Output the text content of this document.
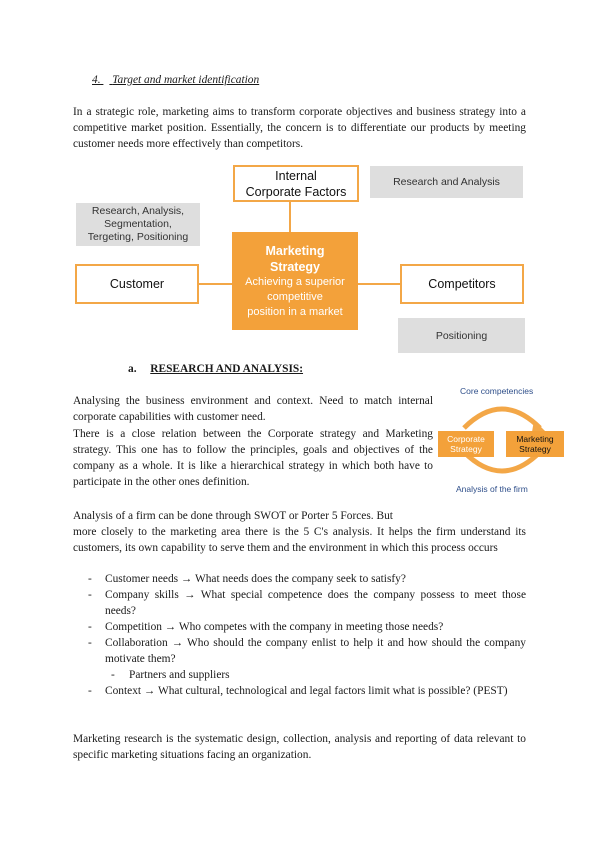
4. Target and market identification
In a strategic role, marketing aims to transform corporate objectives and business strategy into a competitive market position. Essentially, the concern is to differentiate our products by meeting customer needs more effectively than competitors.
Internal
Corporate Factors
Research and Analysis
Research, Analysis,
Segmentation,
Tergeting, Positioning
Marketing
Strategy
Achieving a superior
competitive
position in a market
Customer	Competitors
Positioning
a. RESEARCH AND ANALYSIS:
Analysing the business environment and context. Need to match internal corporate capabilities with customer need.
There is a close relation between the Corporate strategy and Marketing strategy. This one has to follow the principles, goals and objectives of the company as a whole. It is like a hierarchical strategy in which both have to participate in the other ones definition.
Core competencies
Corporate
Strategy
Marketing
Strategy
Analysis of the firm
Analysis of a firm can be done through SWOT or Porter 5 Forces. But
more closely to the marketing area there is the 5 C's analysis. It helps the firm understand its customers, its own capability to serve them and the environment in which this process occurs
- Customer needs → What needs does the company seek to satisfy?
- Company skills → What special competence does the company possess to meet those needs?
- Competition → Who competes with the company in meeting those needs?
- Collaboration → Who should the company enlist to help it and how should the company motivate them?
- Partners and suppliers
- Context → What cultural, technological and legal factors limit what is possible? (PEST)
Marketing research is the systematic design, collection, analysis and reporting of data relevant to specific marketing situations facing an organization.
